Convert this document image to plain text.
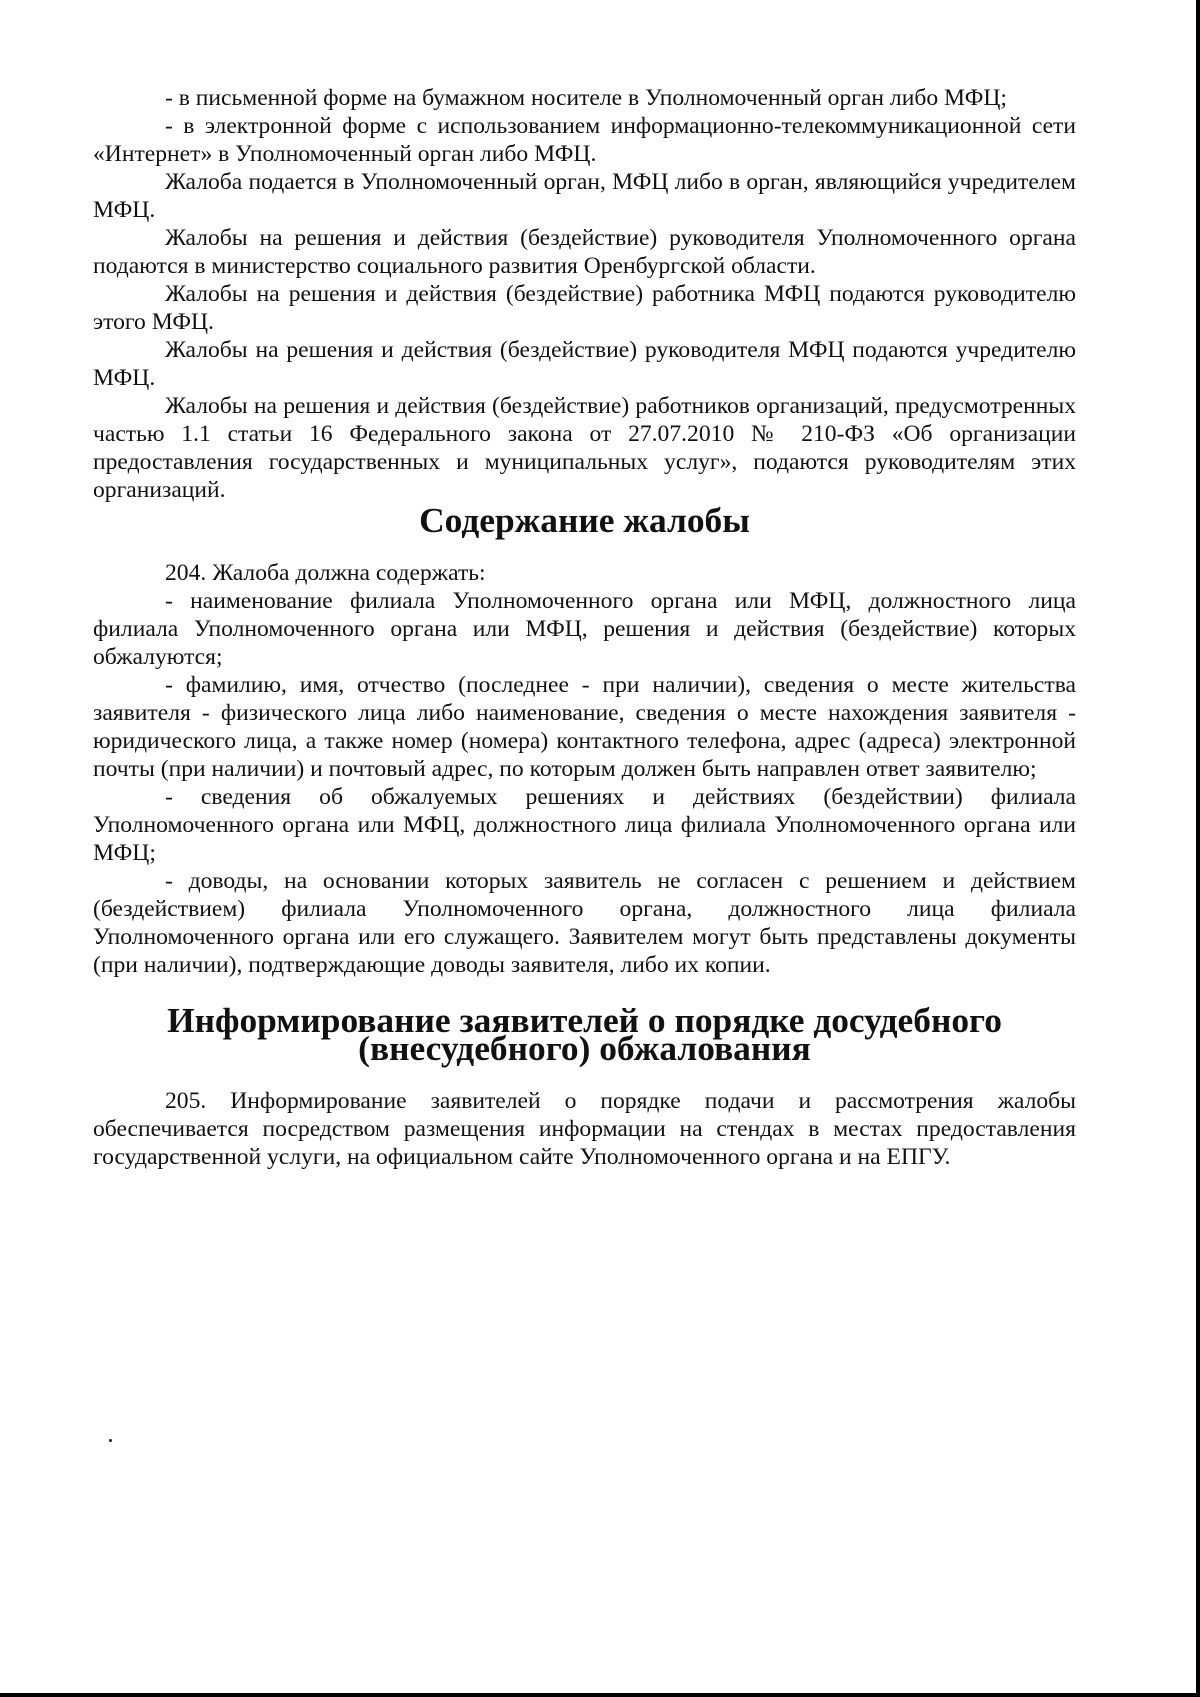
- в письменной форме на бумажном носителе в Уполномоченный орган либо МФЦ;

- в электронной форме с использованием информационно-телекоммуникационной сети «Интернет» в Уполномоченный орган либо МФЦ.

Жалоба подается в Уполномоченный орган, МФЦ либо в орган, являющийся учредителем МФЦ.

Жалобы на решения и действия (бездействие) руководителя Уполномоченного органа подаются в министерство социального развития Оренбургской области.

Жалобы на решения и действия (бездействие) работника МФЦ подаются руководителю этого МФЦ.

Жалобы на решения и действия (бездействие) руководителя МФЦ подаются учредителю МФЦ.

Жалобы на решения и действия (бездействие) работников организаций, предусмотренных частью 1.1 статьи 16 Федерального закона от 27.07.2010 № 210-ФЗ «Об организации предоставления государственных и муниципальных услуг», подаются руководителям этих организаций.

Содержание жалобы

204. Жалоба должна содержать:

- наименование филиала Уполномоченного органа или МФЦ, должностного лица филиала Уполномоченного органа или МФЦ, решения и действия (бездействие) которых обжалуются;

- фамилию, имя, отчество (последнее - при наличии), сведения о месте жительства заявителя - физического лица либо наименование, сведения о месте нахождения заявителя - юридического лица, а также номер (номера) контактного телефона, адрес (адреса) электронной почты (при наличии) и почтовый адрес, по которым должен быть направлен ответ заявителю;

- сведения об обжалуемых решениях и действиях (бездействии) филиала Уполномоченного органа или МФЦ, должностного лица филиала Уполномоченного органа или МФЦ;

- доводы, на основании которых заявитель не согласен с решением и действием (бездействием) филиала Уполномоченного органа, должностного лица филиала Уполномоченного органа или его служащего. Заявителем могут быть представлены документы (при наличии), подтверждающие доводы заявителя, либо их копии.

Информирование заявителей о порядке досудебного (внесудебного) обжалования

205. Информирование заявителей о порядке подачи и рассмотрения жалобы обеспечивается посредством размещения информации на стендах в местах предоставления государственной услуги, на официальном сайте Уполномоченного органа и на ЕПГУ.
